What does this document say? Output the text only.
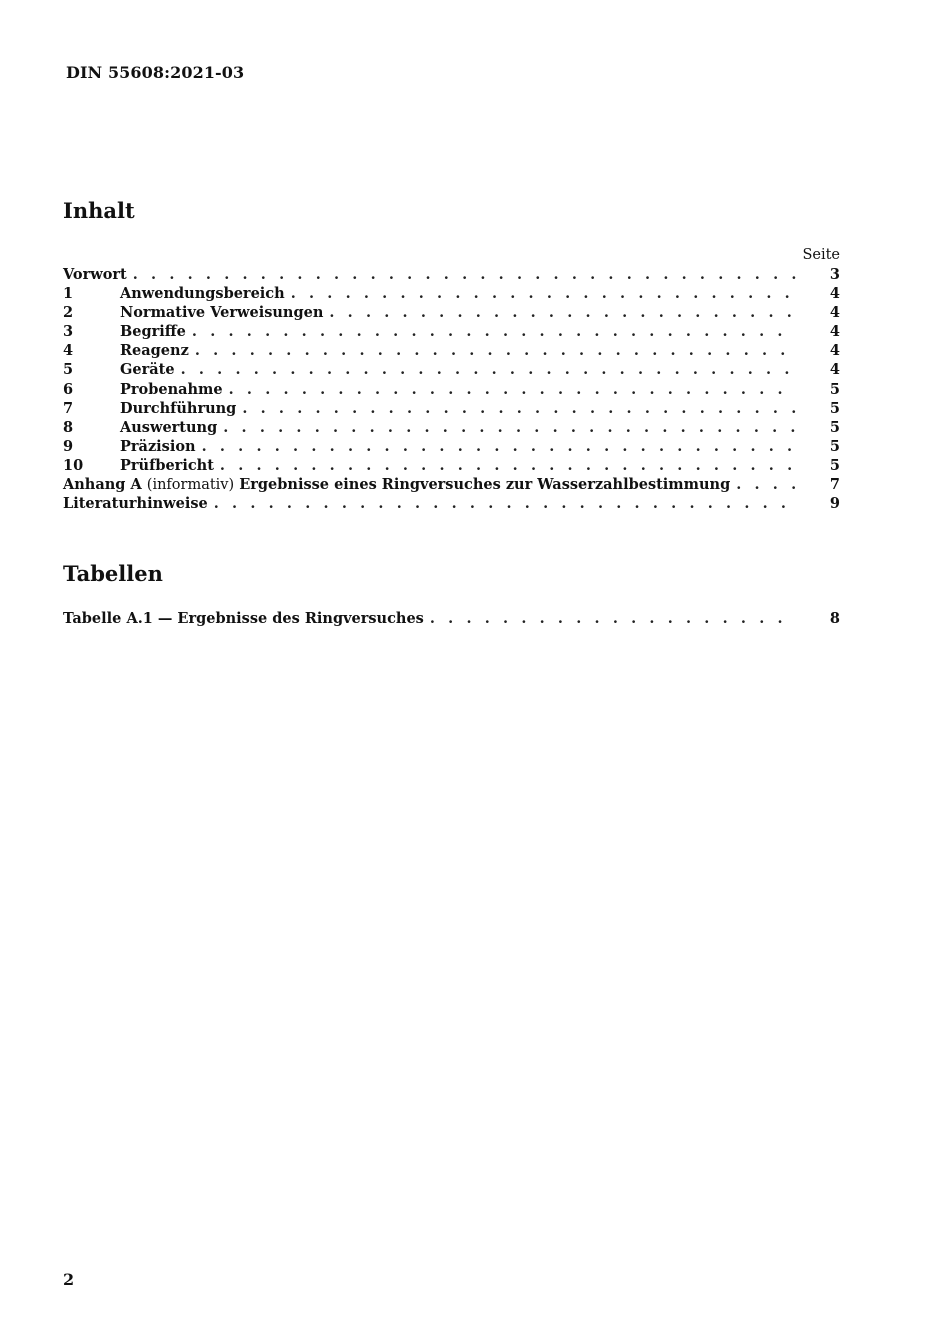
DIN 55608:2021-03
Inhalt
Seite
Vorwort . . .	3
1	Anwendungsbereich . . .	4
2	Normative Verweisungen . . .	4
3	Begriffe . . .	4
4	Reagenz . . .	4
5	Geräte . . .	4
6	Probenahme . . .	5
7	Durchführung . . .	5
8	Auswertung . . .	5
9	Präzision . . .	5
10	Prüfbericht . . .	5
Anhang A (informativ) Ergebnisse eines Ringversuches zur Wasserzahlbestimmung . . .	7
Literaturhinweise . . .	9
Tabellen
Tabelle A.1 — Ergebnisse des Ringversuches . . .	8
2
